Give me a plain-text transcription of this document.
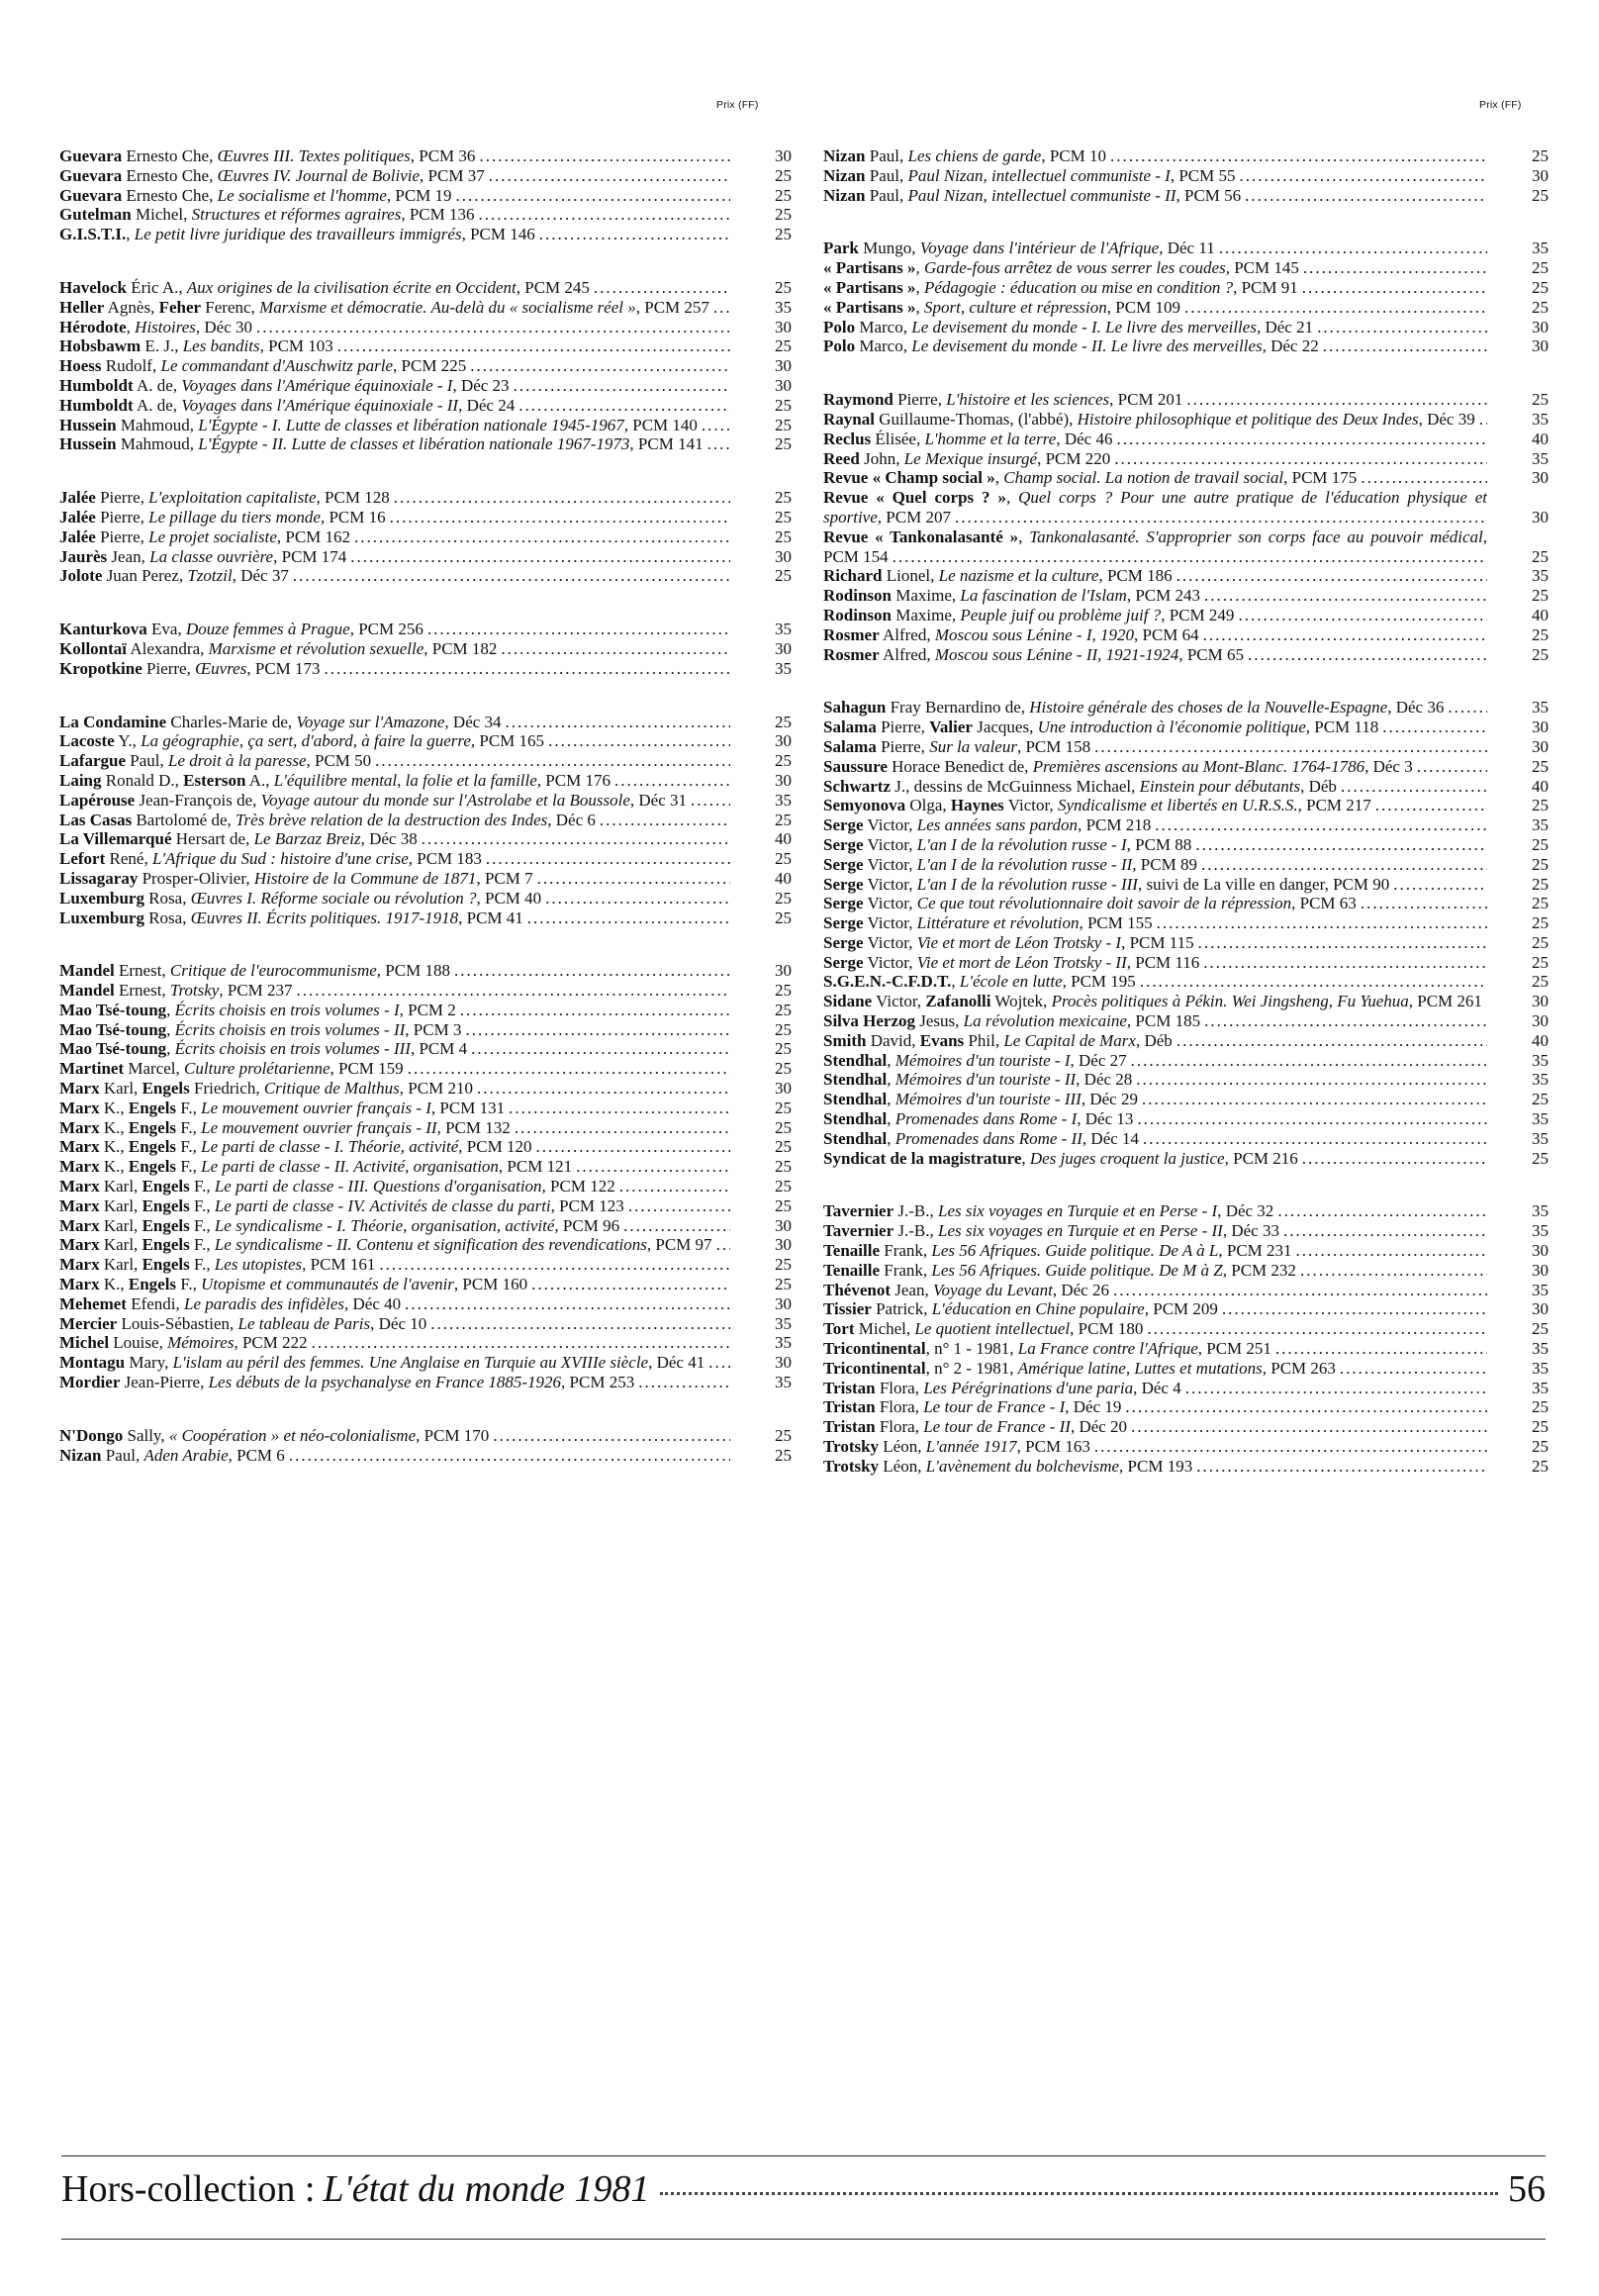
Prix (FF)	Prix (FF)
Guevara Ernesto Che, Œuvres III. Textes politiques, PCM 36 .....	30
Guevara Ernesto Che, Œuvres IV. Journal de Bolivie, PCM 37 .....	25
Guevara Ernesto Che, Le socialisme et l'homme, PCM 19 .....	25
Gutelman Michel, Structures et réformes agraires, PCM 136 .....	25
G.I.S.T.I., Le petit livre juridique des travailleurs immigrés, PCM 146 .....	25
Havelock Éric A., Aux origines de la civilisation écrite en Occident, PCM 245 .....	25
Heller Agnès, Feher Ferenc, Marxisme et démocratie. Au-delà du « socialisme réel », PCM 257 .....	35
Hérodote, Histoires, Déc 30 .....	30
Hobsbawm E. J., Les bandits, PCM 103 .....	25
Hoess Rudolf, Le commandant d'Auschwitz parle, PCM 225 .....	30
Humboldt A. de, Voyages dans l'Amérique équinoxiale - I, Déc 23 .....	30
Humboldt A. de, Voyages dans l'Amérique équinoxiale - II, Déc 24 .....	25
Hussein Mahmoud, L'Égypte - I. Lutte de classes et libération nationale 1945-1967, PCM 140 .....	25
Hussein Mahmoud, L'Égypte - II. Lutte de classes et libération nationale 1967-1973, PCM 141 .....	25
Jalée Pierre, L'exploitation capitaliste, PCM 128 .....	25
Jalée Pierre, Le pillage du tiers monde, PCM 16 .....	25
Jalée Pierre, Le projet socialiste, PCM 162 .....	25
Jaurès Jean, La classe ouvrière, PCM 174 .....	30
Jolote Juan Perez, Tzotzil, Déc 37 .....	25
Kanturkova Eva, Douze femmes à Prague, PCM 256 .....	35
Kollontaï Alexandra, Marxisme et révolution sexuelle, PCM 182 .....	30
Kropotkine Pierre, Œuvres, PCM 173 .....	35
La Condamine Charles-Marie de, Voyage sur l'Amazone, Déc 34 .....	25
Lacoste Y., La géographie, ça sert, d'abord, à faire la guerre, PCM 165 .....	30
Lafargue Paul, Le droit à la paresse, PCM 50 .....	25
Laing Ronald D., Esterson A., L'équilibre mental, la folie et la famille, PCM 176 .....	30
Lapérouse Jean-François de, Voyage autour du monde sur l'Astrolabe et la Boussole, Déc 31 .....	35
Las Casas Bartolomé de, Très brève relation de la destruction des Indes, Déc 6 .....	25
La Villemarqué Hersart de, Le Barzaz Breiz, Déc 38 .....	40
Lefort René, L'Afrique du Sud : histoire d'une crise, PCM 183 .....	25
Lissagaray Prosper-Olivier, Histoire de la Commune de 1871, PCM 7 .....	40
Luxemburg Rosa, Œuvres I. Réforme sociale ou révolution ?, PCM 40 .....	25
Luxemburg Rosa, Œuvres II. Écrits politiques. 1917-1918, PCM 41 .....	25
Mandel Ernest, Critique de l'eurocommunisme, PCM 188 .....	30
Mandel Ernest, Trotsky, PCM 237 .....	25
Mao Tsé-toung, Écrits choisis en trois volumes - I, PCM 2 .....	25
Mao Tsé-toung, Écrits choisis en trois volumes - II, PCM 3 .....	25
Mao Tsé-toung, Écrits choisis en trois volumes - III, PCM 4 .....	25
Martinet Marcel, Culture prolétarienne, PCM 159 .....	25
Marx Karl, Engels Friedrich, Critique de Malthus, PCM 210 .....	30
Marx K., Engels F., Le mouvement ouvrier français - I, PCM 131 .....	25
Marx K., Engels F., Le mouvement ouvrier français - II, PCM 132 .....	25
Marx K., Engels F., Le parti de classe - I. Théorie, activité, PCM 120 .....	25
Marx K., Engels F., Le parti de classe - II. Activité, organisation, PCM 121 .....	25
Marx Karl, Engels F., Le parti de classe - III. Questions d'organisation, PCM 122 .....	25
Marx Karl, Engels F., Le parti de classe - IV. Activités de classe du parti, PCM 123 .....	25
Marx Karl, Engels F., Le syndicalisme - I. Théorie, organisation, activité, PCM 96 .....	30
Marx Karl, Engels F., Le syndicalisme - II. Contenu et signification des revendications, PCM 97 .....	30
Marx Karl, Engels F., Les utopistes, PCM 161 .....	25
Marx K., Engels F., Utopisme et communautés de l'avenir, PCM 160 .....	25
Mehemet Efendi, Le paradis des infidèles, Déc 40 .....	30
Mercier Louis-Sébastien, Le tableau de Paris, Déc 10 .....	35
Michel Louise, Mémoires, PCM 222 .....	35
Montagu Mary, L'islam au péril des femmes. Une Anglaise en Turquie au XVIIIe siècle, Déc 41 .....	30
Mordier Jean-Pierre, Les débuts de la psychanalyse en France 1885-1926, PCM 253 .....	35
N'Dongo Sally, « Coopération » et néo-colonialisme, PCM 170 .....	25
Nizan Paul, Aden Arabie, PCM 6 .....	25
Nizan Paul, Les chiens de garde, PCM 10 .....	25
Nizan Paul, Paul Nizan, intellectuel communiste - I, PCM 55 .....	30
Nizan Paul, Paul Nizan, intellectuel communiste - II, PCM 56 .....	25
Park Mungo, Voyage dans l'intérieur de l'Afrique, Déc 11 .....	35
« Partisans », Garde-fous arrêtez de vous serrer les coudes, PCM 145 .....	25
« Partisans », Pédagogie : éducation ou mise en condition ?, PCM 91 .....	25
« Partisans », Sport, culture et répression, PCM 109 .....	25
Polo Marco, Le devisement du monde - I. Le livre des merveilles, Déc 21 .....	30
Polo Marco, Le devisement du monde - II. Le livre des merveilles, Déc 22 .....	30
Raymond Pierre, L'histoire et les sciences, PCM 201 .....	25
Raynal Guillaume-Thomas, (l'abbé), Histoire philosophique et politique des Deux Indes, Déc 39 .....	35
Reclus Élisée, L'homme et la terre, Déc 46 .....	40
Reed John, Le Mexique insurgé, PCM 220 .....	35
Revue « Champ social », Champ social. La notion de travail social, PCM 175 .....	30
Revue « Quel corps ? », Quel corps ? Pour une autre pratique de l'éducation physique et sportive, PCM 207 .....	30
Revue « Tankonalasanté », Tankonalasanté. S'approprier son corps face au pouvoir médical, PCM 154 .....	25
Richard Lionel, Le nazisme et la culture, PCM 186 .....	35
Rodinson Maxime, La fascination de l'Islam, PCM 243 .....	25
Rodinson Maxime, Peuple juif ou problème juif ?, PCM 249 .....	40
Rosmer Alfred, Moscou sous Lénine - I, 1920, PCM 64 .....	25
Rosmer Alfred, Moscou sous Lénine - II, 1921-1924, PCM 65 .....	25
Sahagun Fray Bernardino de, Histoire générale des choses de la Nouvelle-Espagne, Déc 36 .....	35
Salama Pierre, Valier Jacques, Une introduction à l'économie politique, PCM 118 .....	30
Salama Pierre, Sur la valeur, PCM 158 .....	30
Saussure Horace Benedict de, Premières ascensions au Mont-Blanc. 1764-1786, Déc 3 .....	25
Schwartz J., dessins de McGuinness Michael, Einstein pour débutants, Déb .....	40
Semyonova Olga, Haynes Victor, Syndicalisme et libertés en U.R.S.S., PCM 217 .....	25
Serge Victor, Les années sans pardon, PCM 218 .....	35
Serge Victor, L'an I de la révolution russe - I, PCM 88 .....	25
Serge Victor, L'an I de la révolution russe - II, PCM 89 .....	25
Serge Victor, L'an I de la révolution russe - III, suivi de La ville en danger, PCM 90 .....	25
Serge Victor, Ce que tout révolutionnaire doit savoir de la répression, PCM 63 .....	25
Serge Victor, Littérature et révolution, PCM 155 .....	25
Serge Victor, Vie et mort de Léon Trotsky - I, PCM 115 .....	25
Serge Victor, Vie et mort de Léon Trotsky - II, PCM 116 .....	25
S.G.E.N.-C.F.D.T., L'école en lutte, PCM 195 .....	25
Sidane Victor, Zafanolli Wojtek, Procès politiques à Pékin. Wei Jingsheng, Fu Yuehua, PCM 261 .....	30
Silva Herzog Jesus, La révolution mexicaine, PCM 185 .....	30
Smith David, Evans Phil, Le Capital de Marx, Déb .....	40
Stendhal, Mémoires d'un touriste - I, Déc 27 .....	35
Stendhal, Mémoires d'un touriste - II, Déc 28 .....	35
Stendhal, Mémoires d'un touriste - III, Déc 29 .....	25
Stendhal, Promenades dans Rome - I, Déc 13 .....	35
Stendhal, Promenades dans Rome - II, Déc 14 .....	35
Syndicat de la magistrature, Des juges croquent la justice, PCM 216 .....	25
Tavernier J.-B., Les six voyages en Turquie et en Perse - I, Déc 32 .....	35
Tavernier J.-B., Les six voyages en Turquie et en Perse - II, Déc 33 .....	35
Tenaille Frank, Les 56 Afriques. Guide politique. De A à L, PCM 231 .....	30
Tenaille Frank, Les 56 Afriques. Guide politique. De M à Z, PCM 232 .....	30
Thévenot Jean, Voyage du Levant, Déc 26 .....	35
Tissier Patrick, L'éducation en Chine populaire, PCM 209 .....	30
Tort Michel, Le quotient intellectuel, PCM 180 .....	25
Tricontinental, n° 1 - 1981, La France contre l'Afrique, PCM 251 .....	35
Tricontinental, n° 2 - 1981, Amérique latine, Luttes et mutations, PCM 263 .....	35
Tristan Flora, Les Pérégrinations d'une paria, Déc 4 .....	35
Tristan Flora, Le tour de France - I, Déc 19 .....	25
Tristan Flora, Le tour de France - II, Déc 20 .....	25
Trotsky Léon, L'année 1917, PCM 163 .....	25
Trotsky Léon, L'avènement du bolchevisme, PCM 193 .....	25
Hors-collection : L'état du monde 1981	56
